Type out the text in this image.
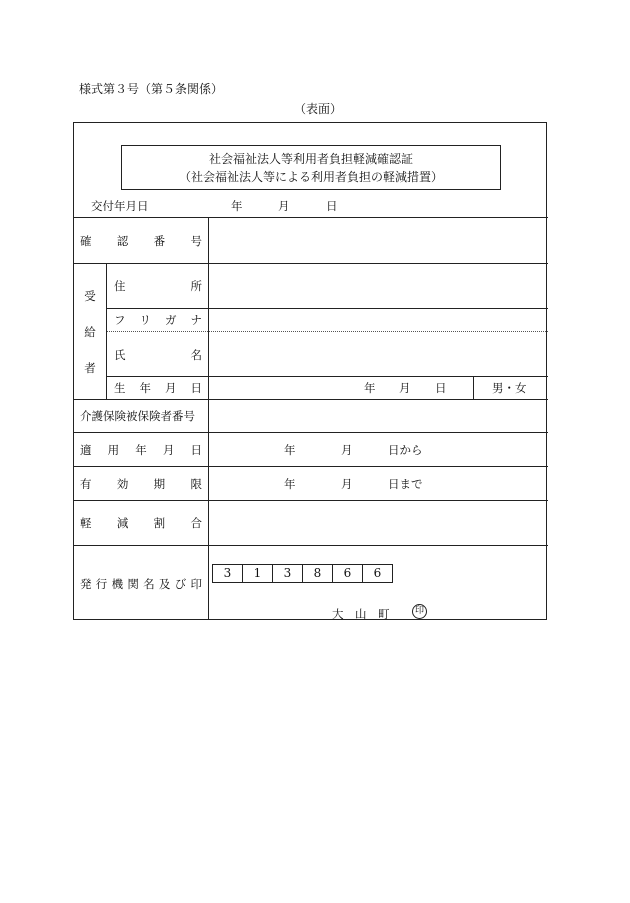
様式第３号（第５条関係）
（表面）
社会福祉法人等利用者負担軽減確認証
（社会福祉法人等による利用者負担の軽減措置）
交付年月日	年	月	日
確 認 番 号
受
給
者
住	所
フ リ ガ ナ
氏	名
生 年 月 日	年 月 日	男・女
介護保険被保険者番号
適 用 年 月 日	年	月	日から
有 効 期 限	年	月	日まで
軽 減 割 合
発 行 機 関 名 及 び 印
3	1	3	8	6	6
大　山　町	印
